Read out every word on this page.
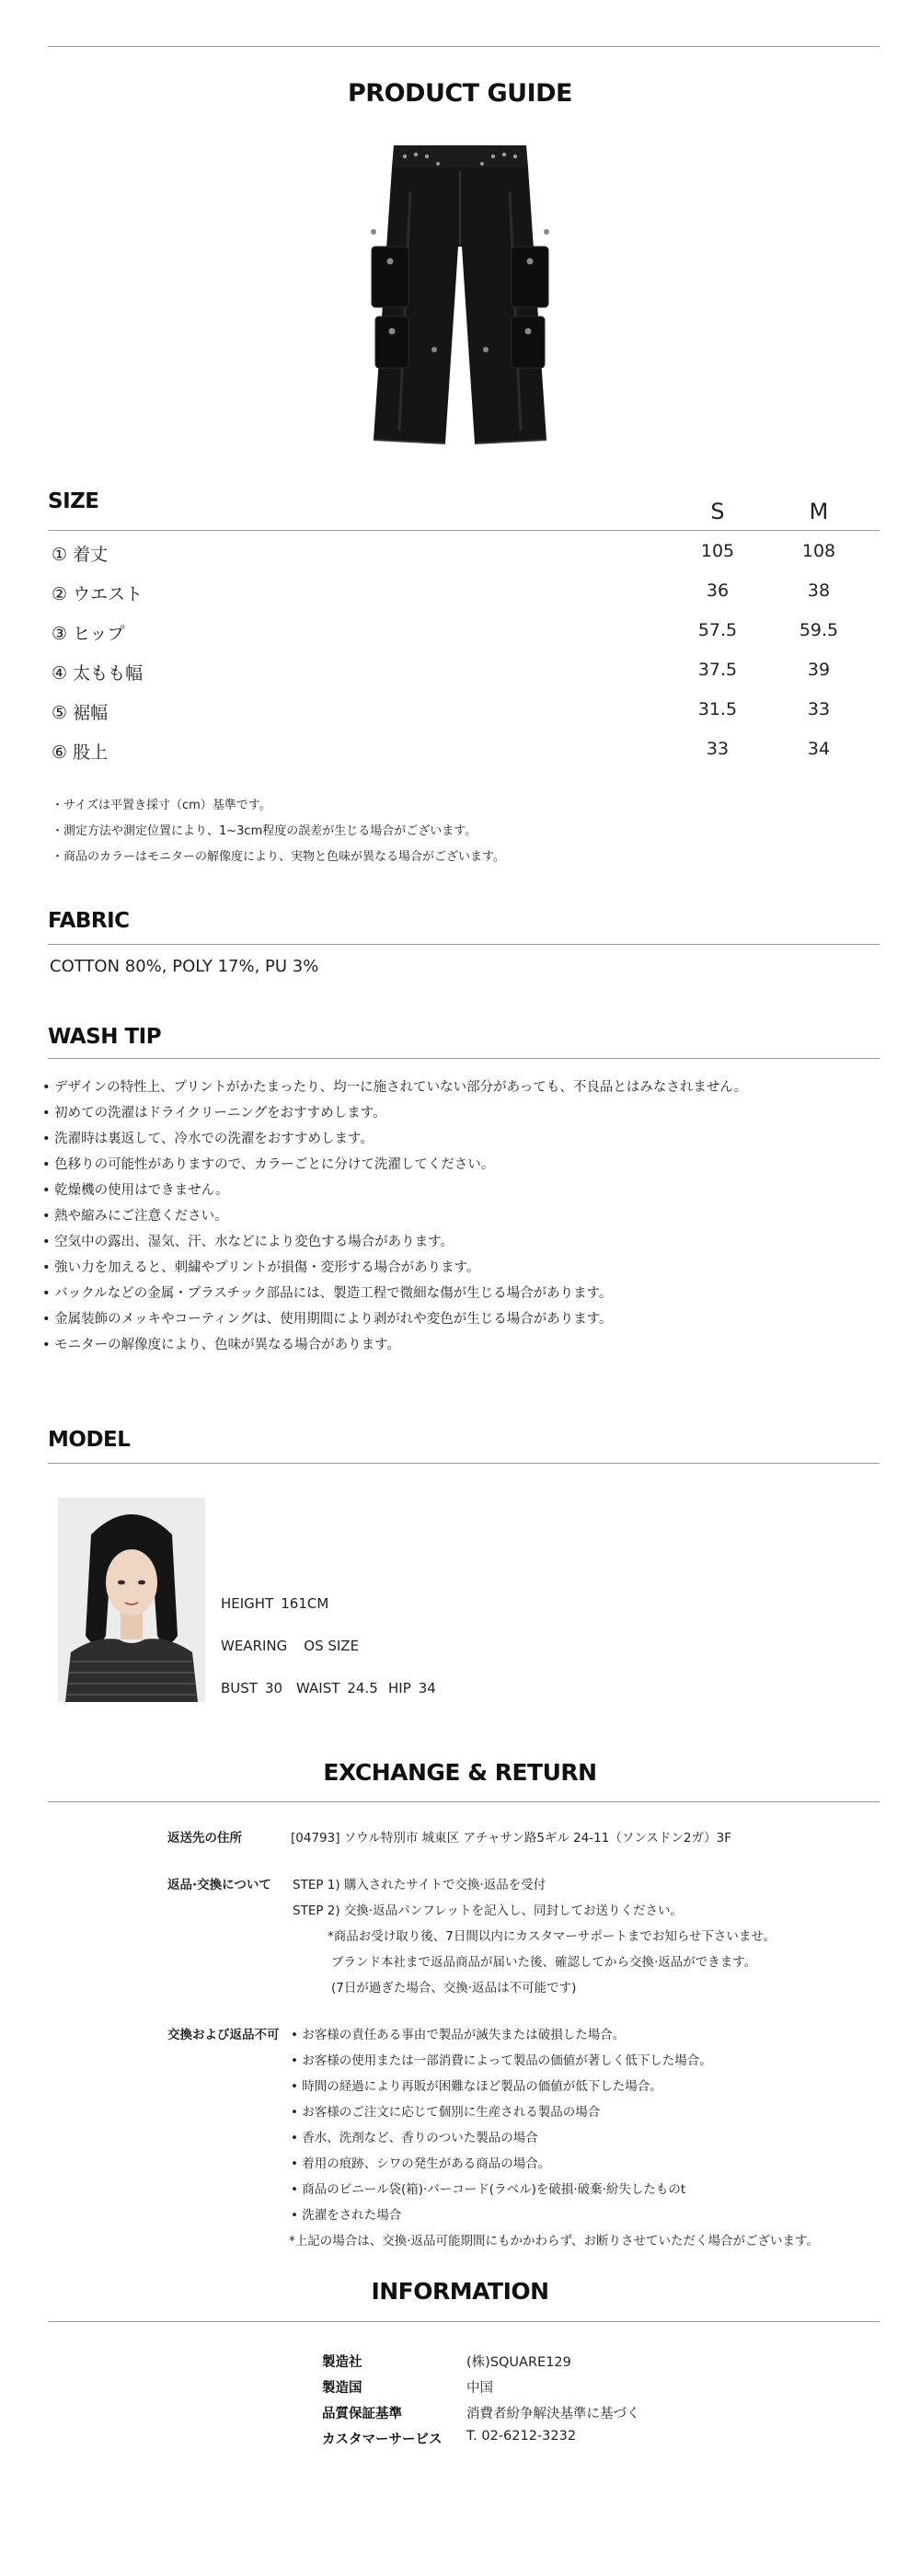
PRODUCT GUIDE
SIZE	S	M
① 着丈	105	108
② ウエスト	36	38
③ ヒップ	57.5	59.5
④ 太もも幅	37.5	39
⑤ 裾幅	31.5	33
⑥ 股上	33	34
・サイズは平置き採寸（cm）基準です。
・測定方法や測定位置により、1~3cm程度の誤差が生じる場合がございます。
・商品のカラーはモニターの解像度により、実物と色味が異なる場合がございます。
FABRIC
COTTON 80%, POLY 17%, PU 3%
WASH TIP
• デザインの特性上、プリントがかたまったり、均一に施されていない部分があっても、不良品とはみなされません。
• 初めての洗濯はドライクリーニングをおすすめします。
• 洗濯時は裏返して、冷水での洗濯をおすすめします。
• 色移りの可能性がありますので、カラーごとに分けて洗濯してください。
• 乾燥機の使用はできません。
• 熱や縮みにご注意ください。
• 空気中の露出、湿気、汗、水などにより変色する場合があります。
• 強い力を加えると、刺繍やプリントが損傷・変形する場合があります。
• バックルなどの金属・プラスチック部品には、製造工程で微細な傷が生じる場合があります。
• 金属装飾のメッキやコーティングは、使用期間により剥がれや変色が生じる場合があります。
• モニターの解像度により、色味が異なる場合があります。
MODEL
HEIGHT 161CM
WEARING OS SIZE
BUST 30 WAIST 24.5 HIP 34
EXCHANGE & RETURN
返送先の住所	[04793] ソウル特別市 城東区 アチャサン路5ギル 24-11（ソンスドン2ガ）3F
返品·交換について STEP 1) 購入されたサイトで交換·返品を受付
STEP 2) 交換·返品パンフレットを記入し、同封してお送りください。
*商品お受け取り後、7日間以内にカスタマーサポートまでお知らせ下さいませ。
ブランド本社まで返品商品が届いた後、確認してから交換·返品ができます。
(7日が過ぎた場合、交換·返品は不可能です)
交換および返品不可 • お客様の責任ある事由で製品が滅失または破損した場合。
• お客様の使用または一部消費によって製品の価値が著しく低下した場合。
• 時間の経過により再販が困難なほど製品の価値が低下した場合。
• お客様のご注文に応じて個別に生産される製品の場合
• 香水、洗剤など、香りのついた製品の場合
• 着用の痕跡、シワの発生がある商品の場合。
• 商品のビニール袋(箱)·バーコード(ラベル)を破損·破棄·紛失したものt
• 洗濯をされた場合
*上記の場合は、交換·返品可能期間にもかかわらず、お断りさせていただく場合がございます。
INFORMATION
製造社	(株)SQUARE129
製造国	中国
品質保証基準	消費者紛争解決基準に基づく
カスタマーサービス T. 02-6212-3232
